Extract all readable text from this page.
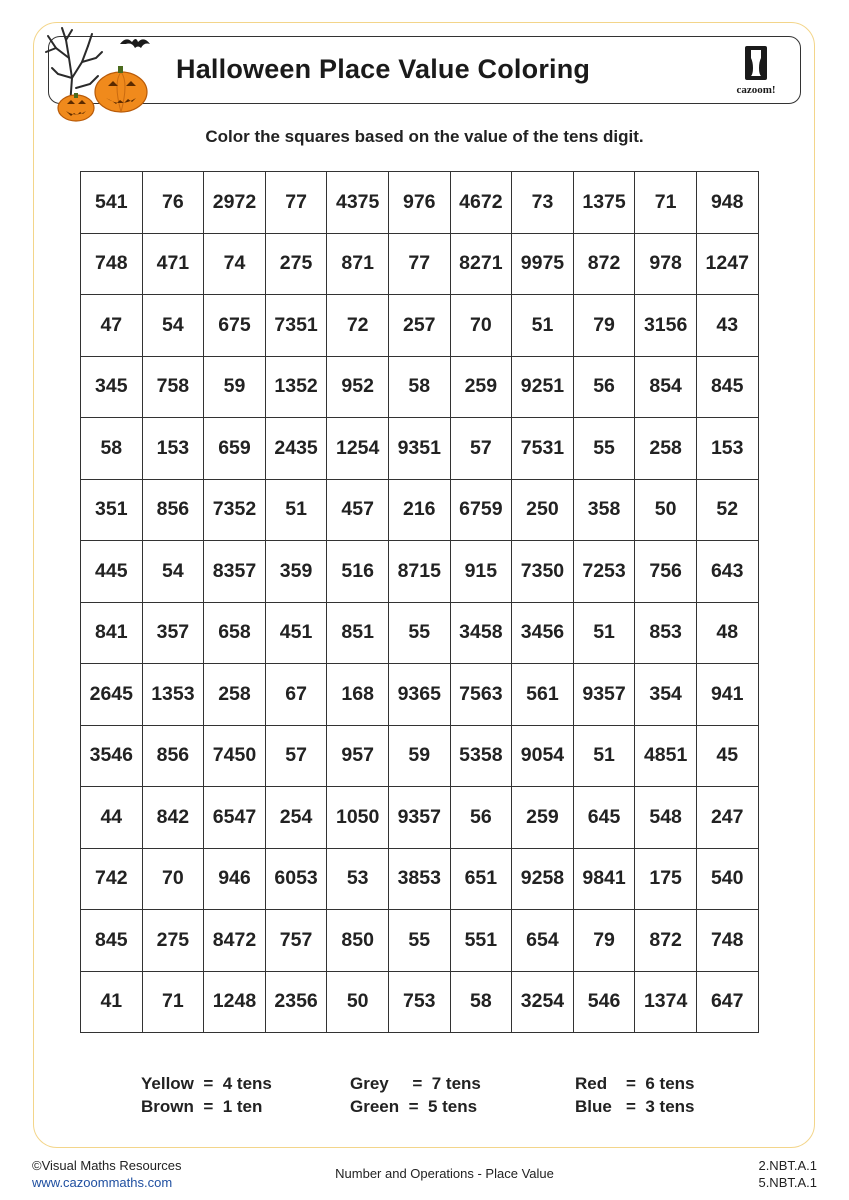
Halloween Place Value Coloring
cazoom!
Color the squares based on the value of the tens digit.
541	76	2972	77	4375	976	4672	73	1375	71	948
748	471	74	275	871	77	8271	9975	872	978	1247
47	54	675	7351	72	257	70	51	79	3156	43
345	758	59	1352	952	58	259	9251	56	854	845
58	153	659	2435	1254	9351	57	7531	55	258	153
351	856	7352	51	457	216	6759	250	358	50	52
445	54	8357	359	516	8715	915	7350	7253	756	643
841	357	658	451	851	55	3458	3456	51	853	48
2645	1353	258	67	168	9365	7563	561	9357	354	941
3546	856	7450	57	957	59	5358	9054	51	4851	45
44	842	6547	254	1050	9357	56	259	645	548	247
742	70	946	6053	53	3853	651	9258	9841	175	540
845	275	8472	757	850	55	551	654	79	872	748
41	71	1248	2356	50	753	58	3254	546	1374	647
Yellow  =  4 tens
Brown  =  1 ten
Grey     =  7 tens
Green  =  5 tens
Red    =  6 tens
Blue   =  3 tens
©Visual Maths Resources
www.cazoommaths.com
Number and Operations - Place Value
2.NBT.A.1
5.NBT.A.1
